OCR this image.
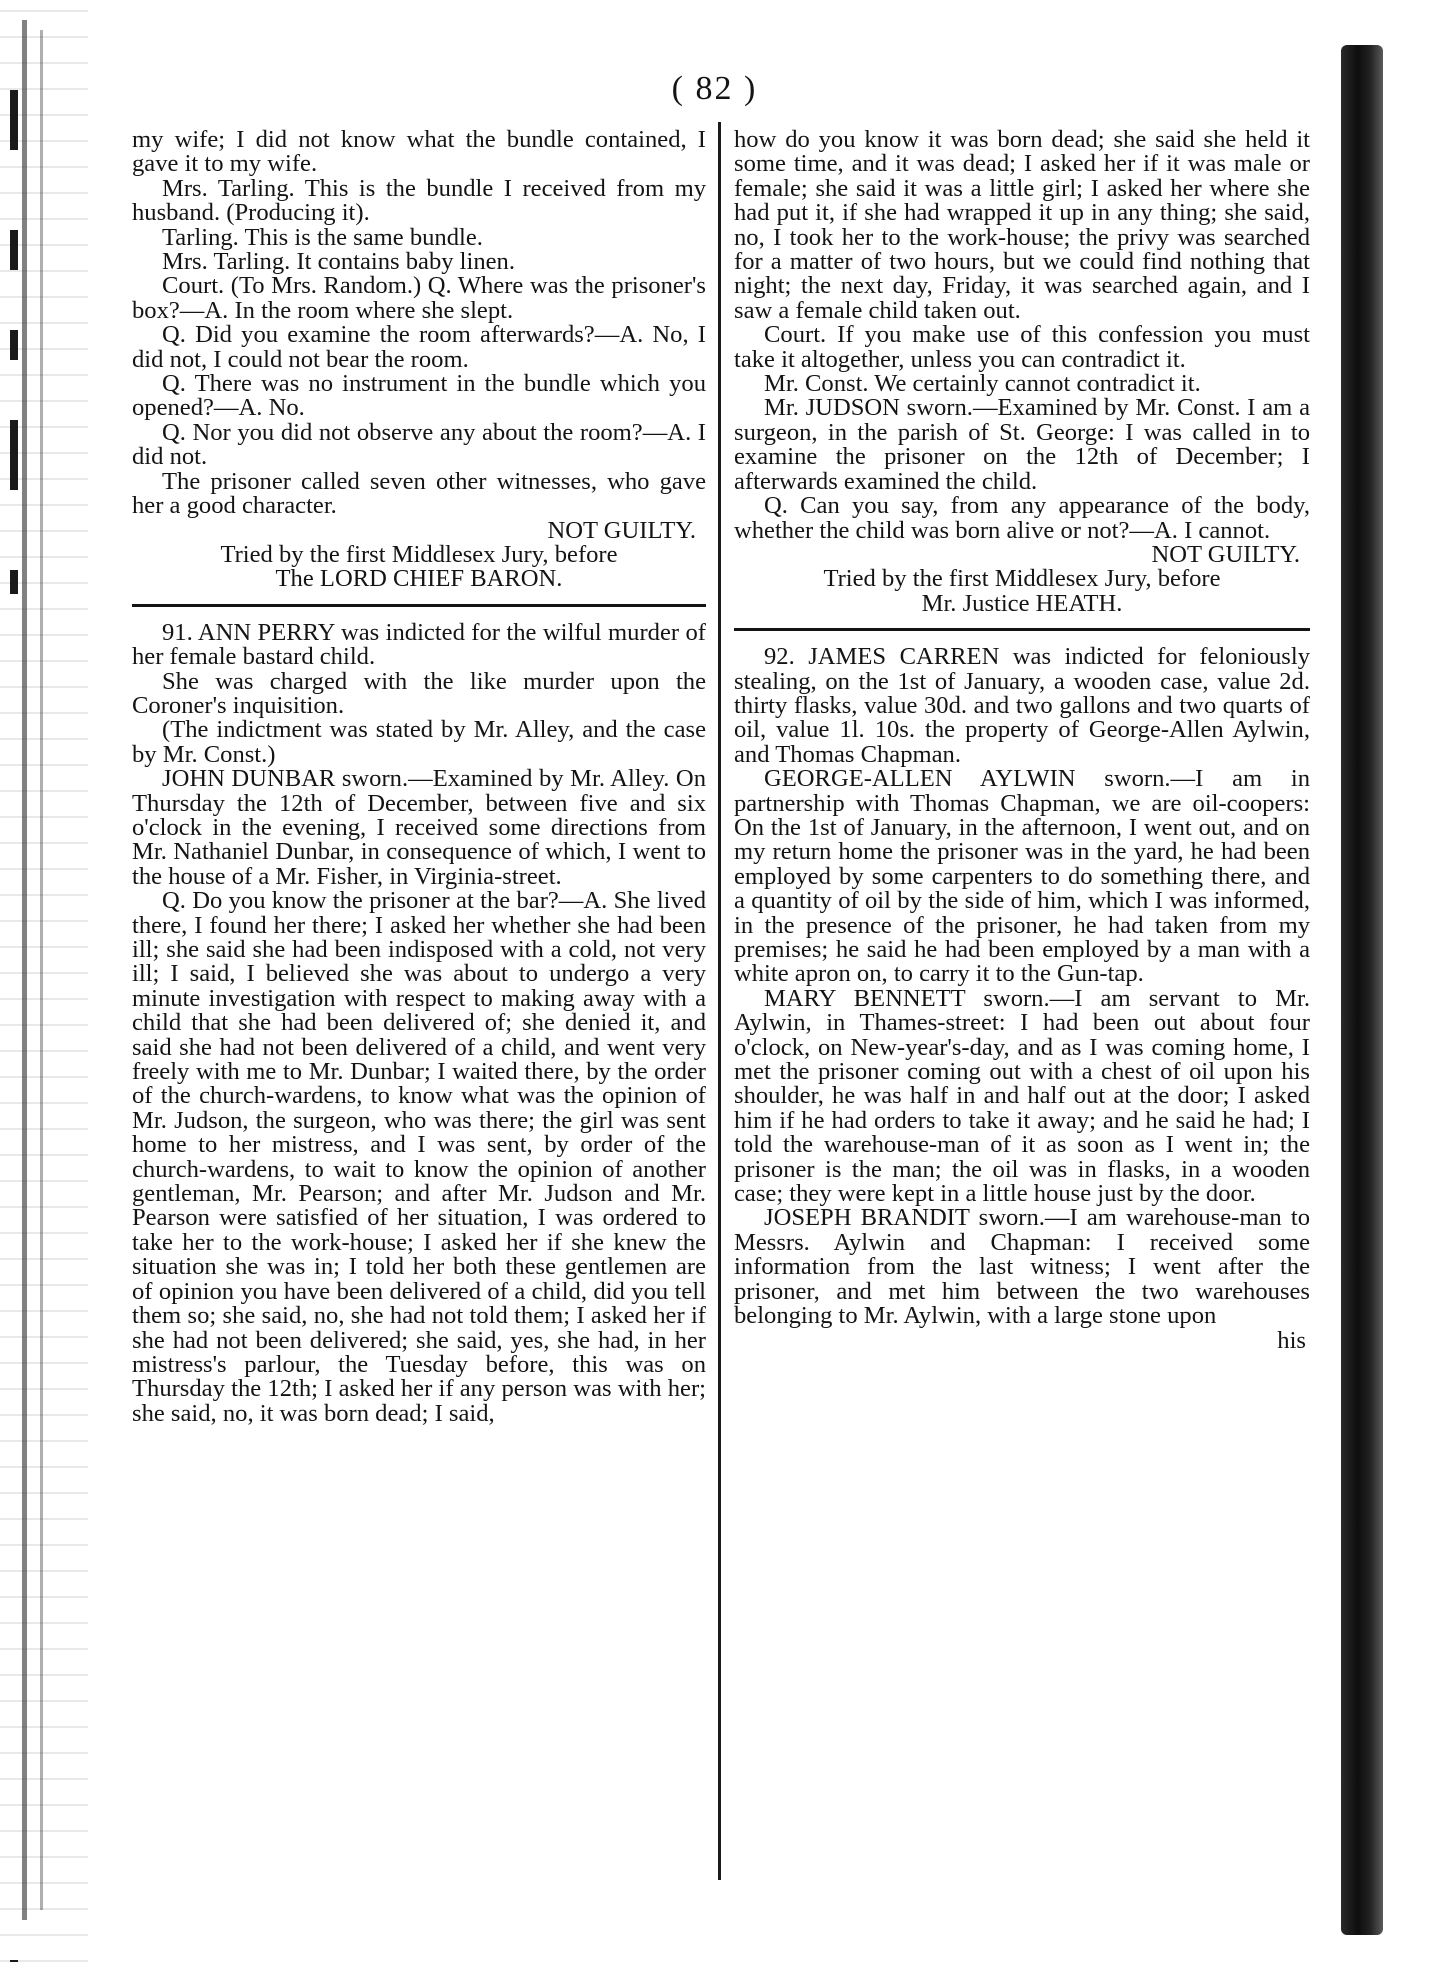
( 82 )

my wife; I did not know what the bundle contained, I gave it to my wife.

Mrs. Tarling. This is the bundle I received from my husband. (Producing it).

Tarling. This is the same bundle.

Mrs. Tarling. It contains baby linen.

Court. (To Mrs. Random.) Q. Where was the prisoner's box?—A. In the room where she slept.

Q. Did you examine the room afterwards?—A. No, I did not, I could not bear the room.

Q. There was no instrument in the bundle which you opened?—A. No.

Q. Nor you did not observe any about the room?—A. I did not.

The prisoner called seven other witnesses, who gave her a good character.

NOT GUILTY.

Tried by the first Middlesex Jury, before

The LORD CHIEF BARON.

91. ANN PERRY was indicted for the wilful murder of her female bastard child.

She was charged with the like murder upon the Coroner's inquisition.

(The indictment was stated by Mr. Alley, and the case by Mr. Const.)

JOHN DUNBAR sworn.—Examined by Mr. Alley. On Thursday the 12th of December, between five and six o'clock in the evening, I received some directions from Mr. Nathaniel Dunbar, in consequence of which, I went to the house of a Mr. Fisher, in Virginia-street.

Q. Do you know the prisoner at the bar?—A. She lived there, I found her there; I asked her whether she had been ill; she said she had been indisposed with a cold, not very ill; I said, I believed she was about to undergo a very minute investigation with respect to making away with a child that she had been delivered of; she denied it, and said she had not been delivered of a child, and went very freely with me to Mr. Dunbar; I waited there, by the order of the church-wardens, to know what was the opinion of Mr. Judson, the surgeon, who was there; the girl was sent home to her mistress, and I was sent, by order of the church-wardens, to wait to know the opinion of another gentleman, Mr. Pearson; and after Mr. Judson and Mr. Pearson were satisfied of her situation, I was ordered to take her to the work-house; I asked her if she knew the situation she was in; I told her both these gentlemen are of opinion you have been delivered of a child, did you tell them so; she said, no, she had not told them; I asked her if she had not been delivered; she said, yes, she had, in her mistress's parlour, the Tuesday before, this was on Thursday the 12th; I asked her if any person was with her; she said, no, it was born dead; I said,

how do you know it was born dead; she said she held it some time, and it was dead; I asked her if it was male or female; she said it was a little girl; I asked her where she had put it, if she had wrapped it up in any thing; she said, no, I took her to the work-house; the privy was searched for a matter of two hours, but we could find nothing that night; the next day, Friday, it was searched again, and I saw a female child taken out.

Court. If you make use of this confession you must take it altogether, unless you can contradict it.

Mr. Const. We certainly cannot contradict it.

Mr. JUDSON sworn.—Examined by Mr. Const. I am a surgeon, in the parish of St. George: I was called in to examine the prisoner on the 12th of December; I afterwards examined the child.

Q. Can you say, from any appearance of the body, whether the child was born alive or not?—A. I cannot.

NOT GUILTY.

Tried by the first Middlesex Jury, before

Mr. Justice HEATH.

92. JAMES CARREN was indicted for feloniously stealing, on the 1st of January, a wooden case, value 2d. thirty flasks, value 30d. and two gallons and two quarts of oil, value 1l. 10s. the property of George-Allen Aylwin, and Thomas Chapman.

GEORGE-ALLEN AYLWIN sworn.—I am in partnership with Thomas Chapman, we are oil-coopers: On the 1st of January, in the afternoon, I went out, and on my return home the prisoner was in the yard, he had been employed by some carpenters to do something there, and a quantity of oil by the side of him, which I was informed, in the presence of the prisoner, he had taken from my premises; he said he had been employed by a man with a white apron on, to carry it to the Gun-tap.

MARY BENNETT sworn.—I am servant to Mr. Aylwin, in Thames-street: I had been out about four o'clock, on New-year's-day, and as I was coming home, I met the prisoner coming out with a chest of oil upon his shoulder, he was half in and half out at the door; I asked him if he had orders to take it away; and he said he had; I told the warehouse-man of it as soon as I went in; the prisoner is the man; the oil was in flasks, in a wooden case; they were kept in a little house just by the door.

JOSEPH BRANDIT sworn.—I am warehouse-man to Messrs. Aylwin and Chapman: I received some information from the last witness; I went after the prisoner, and met him between the two warehouses belonging to Mr. Aylwin, with a large stone upon

his
